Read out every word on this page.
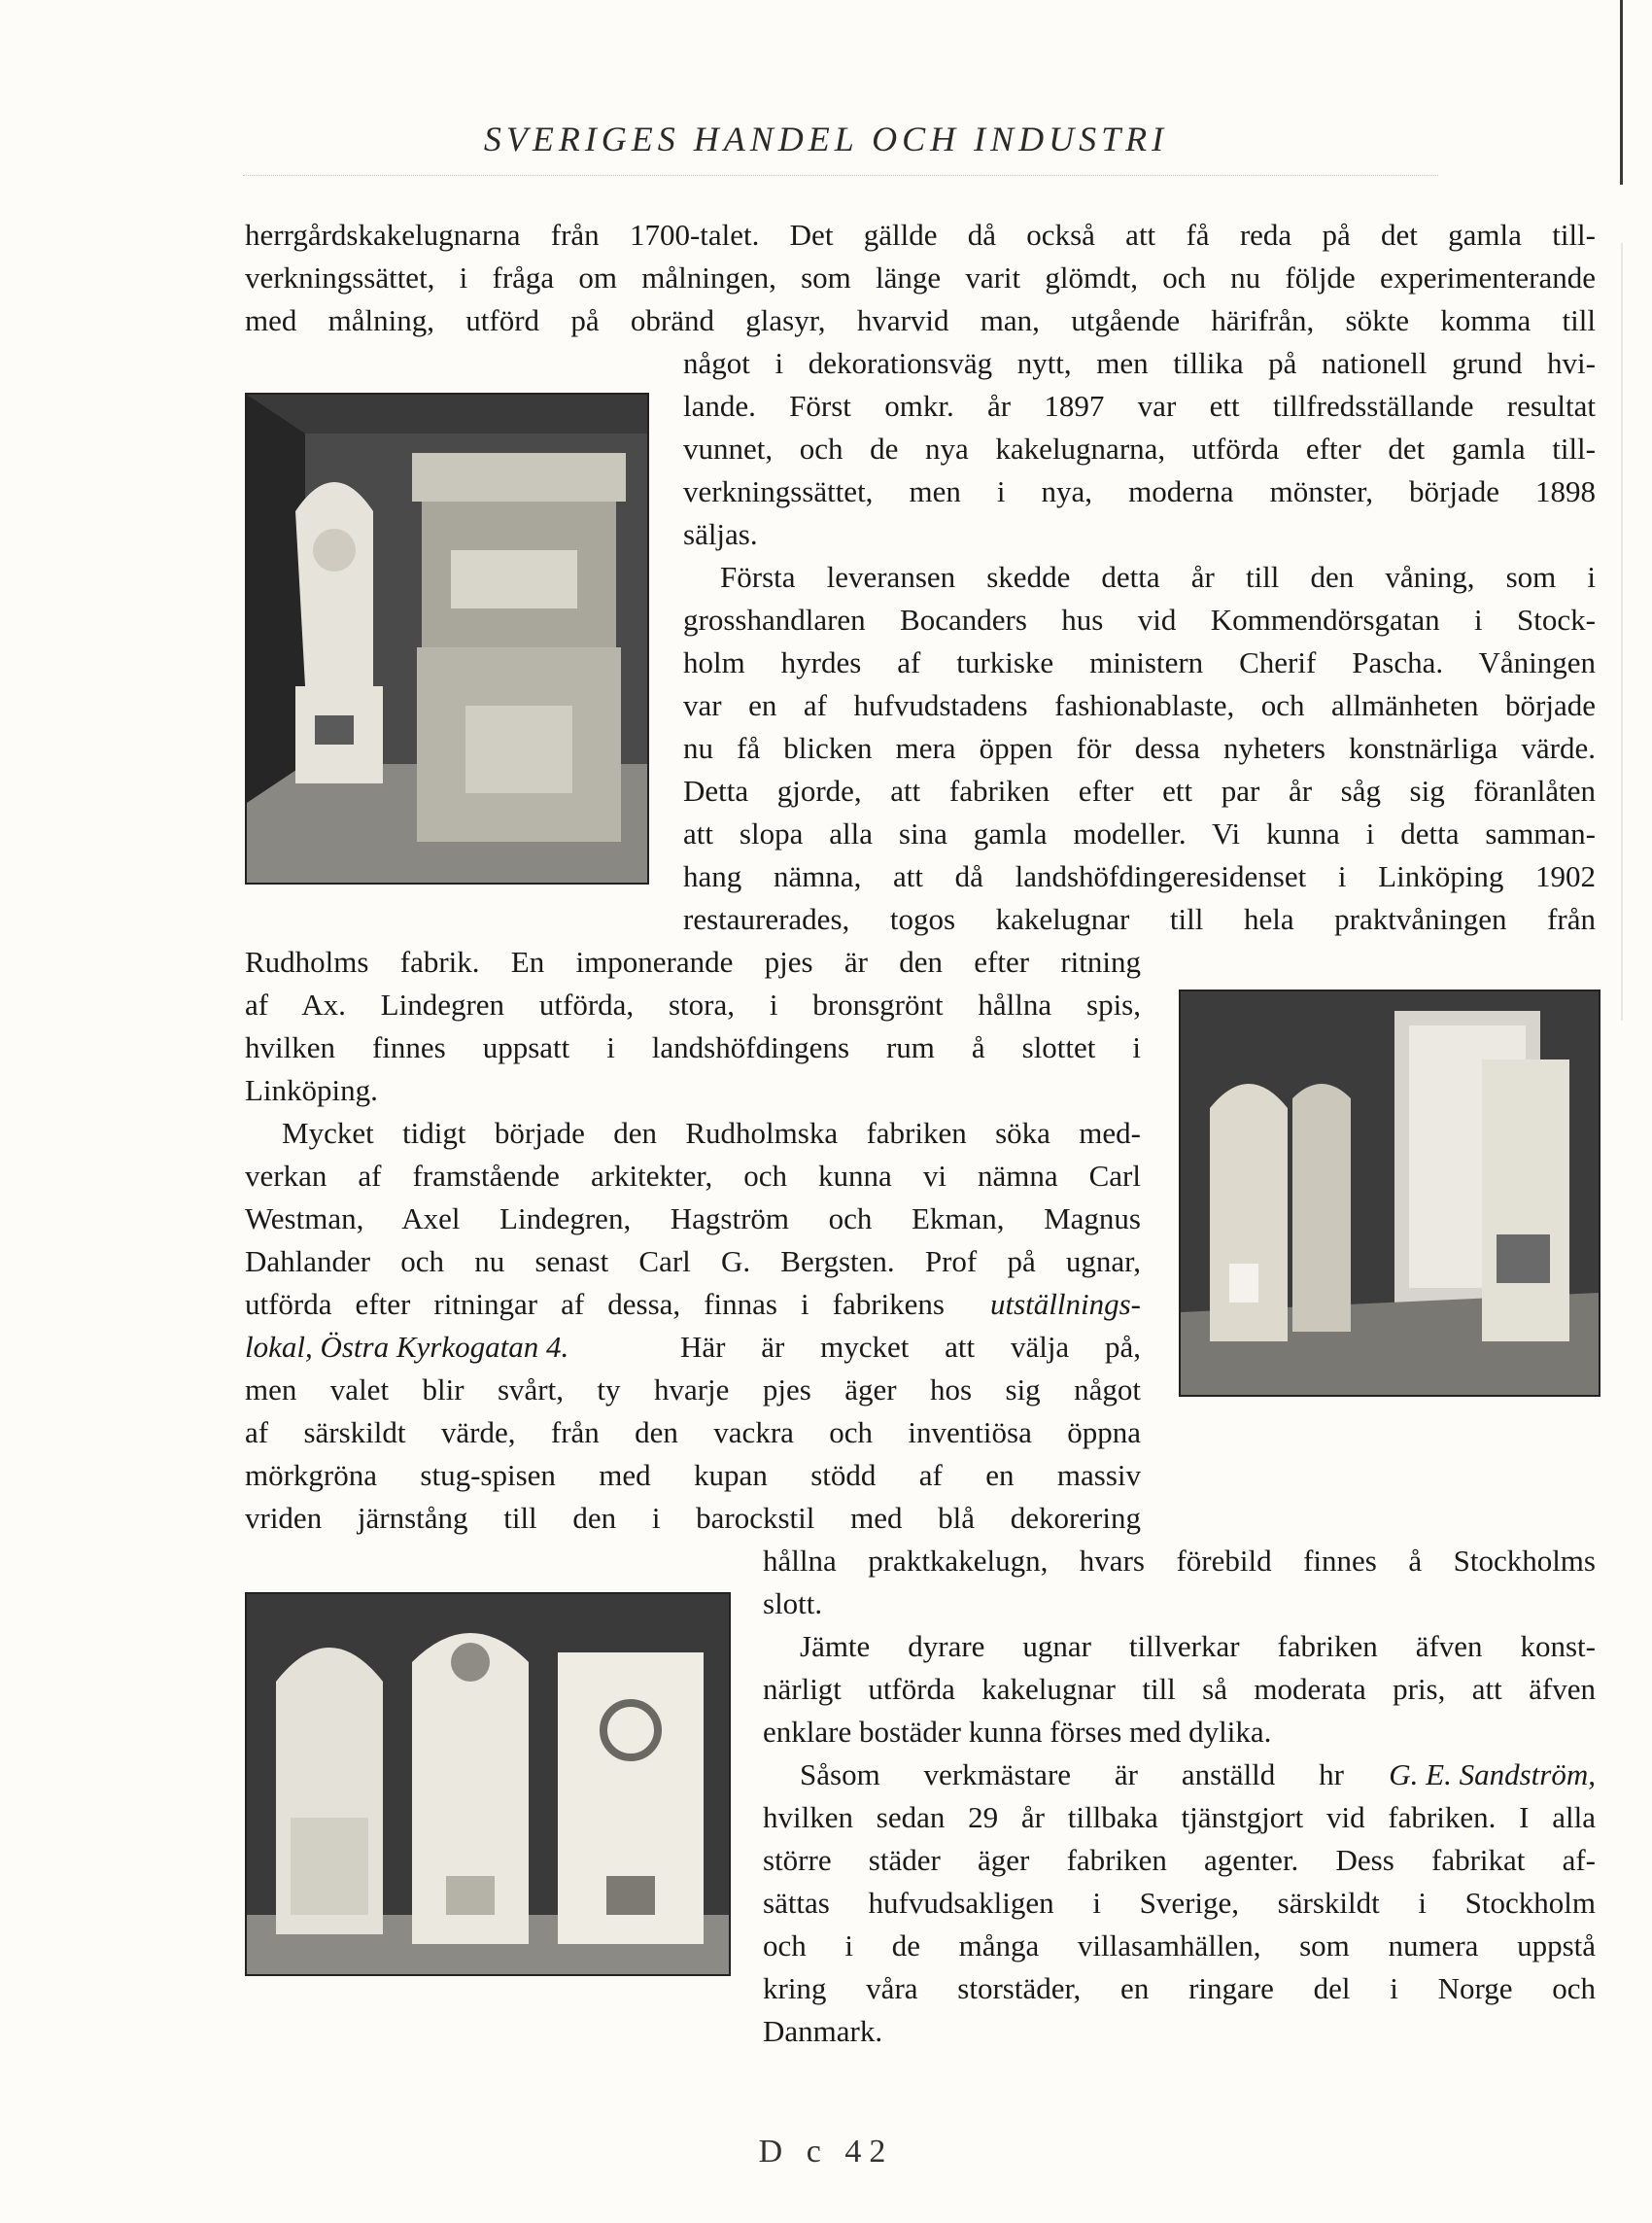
SVERIGES HANDEL OCH INDUSTRI
herrgårdskakelugnarna från 1700-talet. Det gällde då också att få reda på det gamla till-
verkningssättet, i fråga om målningen, som länge varit glömdt, och nu följde experimenterande
med målning, utförd på obränd glasyr, hvarvid man, utgående härifrån, sökte komma till
något i dekorationsväg nytt, men tillika på nationell grund hvi-
lande. Först omkr. år 1897 var ett tillfredsställande resultat
vunnet, och de nya kakelugnarna, utförda efter det gamla till-
verkningssättet, men i nya, moderna mönster, började 1898
säljas.
Första leveransen skedde detta år till den våning, som i
grosshandlaren Bocanders hus vid Kommendörsgatan i Stock-
holm hyrdes af turkiske ministern Cherif Pascha. Våningen
var en af hufvudstadens fashionablaste, och allmänheten började
nu få blicken mera öppen för dessa nyheters konstnärliga värde.
Detta gjorde, att fabriken efter ett par år såg sig föranlåten
att slopa alla sina gamla modeller. Vi kunna i detta samman-
hang nämna, att då landshöfdingeresidenset i Linköping 1902
restaurerades, togos kakelugnar till hela praktvåningen från
Rudholms fabrik. En imponerande pjes är den efter ritning
af Ax. Lindegren utförda, stora, i bronsgrönt hållna spis,
hvilken finnes uppsatt i landshöfdingens rum å slottet i
Linköping.
Mycket tidigt började den Rudholmska fabriken söka med-
verkan af framstående arkitekter, och kunna vi nämna Carl
Westman, Axel Lindegren, Hagström och Ekman, Magnus
Dahlander och nu senast Carl G. Bergsten. Prof på ugnar,
utförda efter ritningar af dessa, finnas i fabrikens	utställnings-
lokal, Östra Kyrkogatan 4.	Här är mycket att välja på,
men valet blir svårt, ty hvarje pjes äger hos sig något
af särskildt värde, från den vackra och inventiösa öppna
mörkgröna stug-spisen med kupan stödd af en massiv
vriden järnstång till den i barockstil med blå dekorering
hållna praktkakelugn, hvars förebild finnes å Stockholms
slott.
Jämte dyrare ugnar tillverkar fabriken äfven konst-
närligt utförda kakelugnar till så moderata pris, att äfven
enklare bostäder kunna förses med dylika.
Såsom verkmästare är anställd hr	G. E. Sandström,
hvilken sedan 29 år tillbaka tjänstgjort vid fabriken. I alla
större städer äger fabriken agenter. Dess fabrikat af-
sättas hufvudsakligen i Sverige, särskildt i Stockholm
och i de många villasamhällen, som numera uppstå
kring våra storstäder, en ringare del i Norge och
Danmark.
D c 42
